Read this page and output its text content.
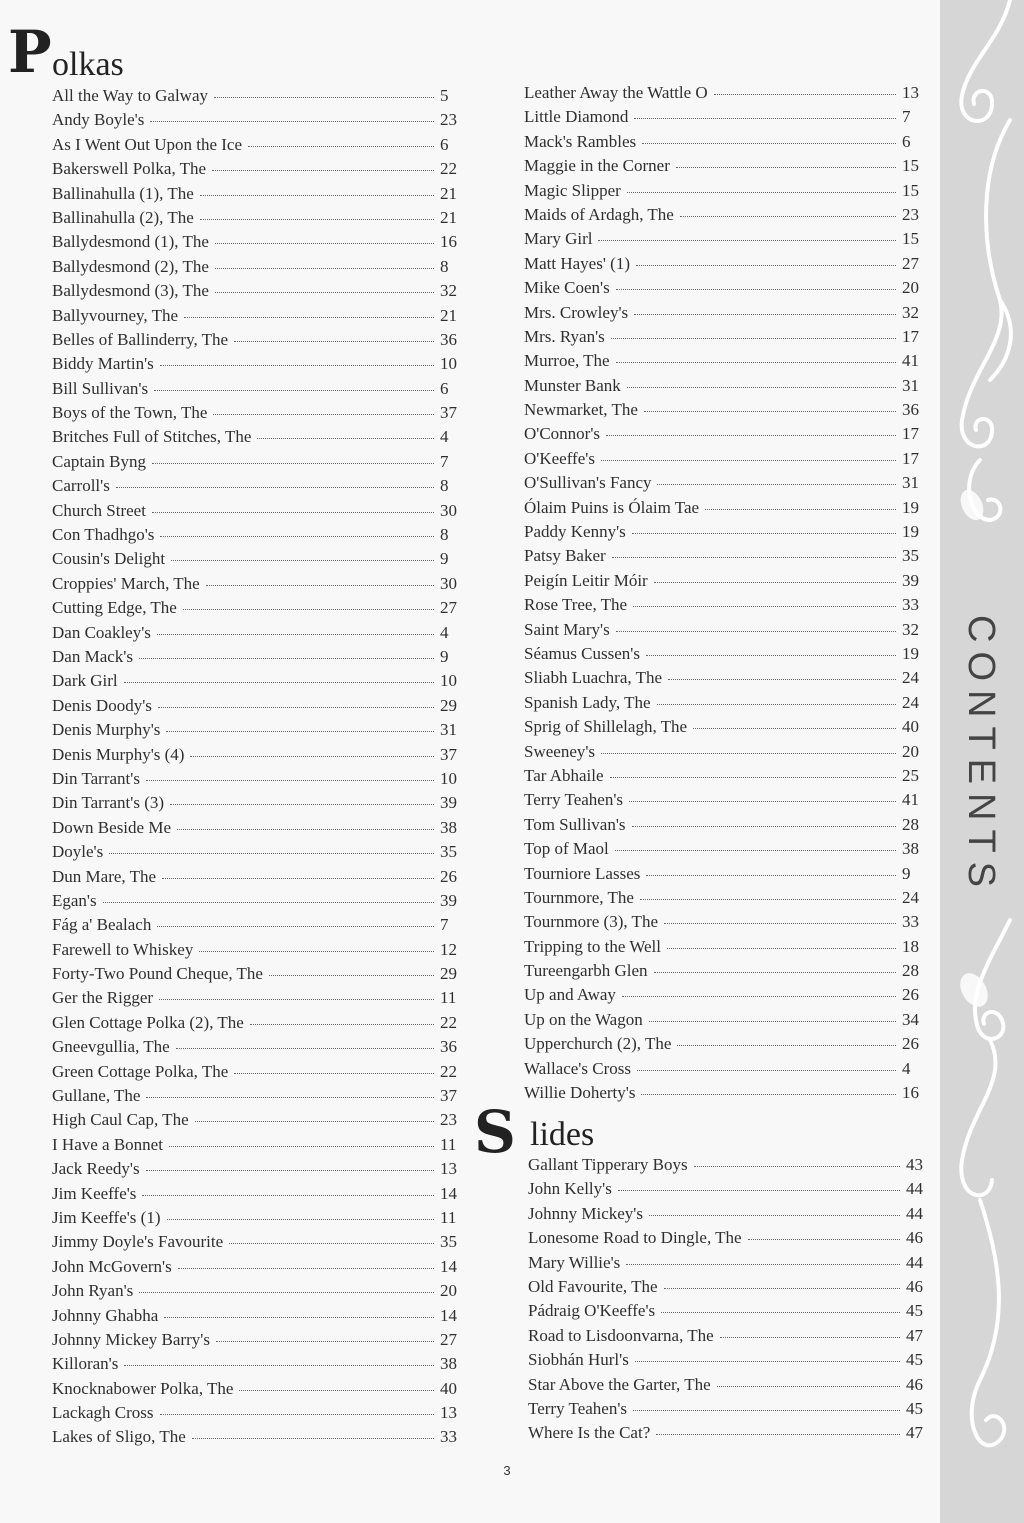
CONTENTS
P olkas
All the Way to Galway	5
Andy Boyle's	23
As I Went Out Upon the Ice	6
Bakerswell Polka, The	22
Ballinahulla (1), The	21
Ballinahulla (2), The	21
Ballydesmond (1), The	16
Ballydesmond (2), The	8
Ballydesmond (3), The	32
Ballyvourney, The	21
Belles of Ballinderry, The	36
Biddy Martin's	10
Bill Sullivan's	6
Boys of the Town, The	37
Britches Full of Stitches, The	4
Captain Byng	7
Carroll's	8
Church Street	30
Con Thadhgo's	8
Cousin's Delight	9
Croppies' March, The	30
Cutting Edge, The	27
Dan Coakley's	4
Dan Mack's	9
Dark Girl	10
Denis Doody's	29
Denis Murphy's	31
Denis Murphy's (4)	37
Din Tarrant's	10
Din Tarrant's (3)	39
Down Beside Me	38
Doyle's	35
Dun Mare, The	26
Egan's	39
Fág a' Bealach	7
Farewell to Whiskey	12
Forty-Two Pound Cheque, The	29
Ger the Rigger	11
Glen Cottage Polka (2), The	22
Gneevgullia, The	36
Green Cottage Polka, The	22
Gullane, The	37
High Caul Cap, The	23
I Have a Bonnet	11
Jack Reedy's	13
Jim Keeffe's	14
Jim Keeffe's (1)	11
Jimmy Doyle's Favourite	35
John McGovern's	14
John Ryan's	20
Johnny Ghabha	14
Johnny Mickey Barry's	27
Killoran's	38
Knocknabower Polka, The	40
Lackagh Cross	13
Lakes of Sligo, The	33
Leather Away the Wattle O	13
Little Diamond	7
Mack's Rambles	6
Maggie in the Corner	15
Magic Slipper	15
Maids of Ardagh, The	23
Mary Girl	15
Matt Hayes' (1)	27
Mike Coen's	20
Mrs. Crowley's	32
Mrs. Ryan's	17
Murroe, The	41
Munster Bank	31
Newmarket, The	36
O'Connor's	17
O'Keeffe's	17
O'Sullivan's Fancy	31
Ólaim Puins is Ólaim Tae	19
Paddy Kenny's	19
Patsy Baker	35
Peigín Leitir Móir	39
Rose Tree, The	33
Saint Mary's	32
Séamus Cussen's	19
Sliabh Luachra, The	24
Spanish Lady, The	24
Sprig of Shillelagh, The	40
Sweeney's	20
Tar Abhaile	25
Terry Teahen's	41
Tom Sullivan's	28
Top of Maol	38
Tourniore Lasses	9
Tournmore, The	24
Tournmore (3), The	33
Tripping to the Well	18
Tureengarbh Glen	28
Up and Away	26
Up on the Wagon	34
Upperchurch (2), The	26
Wallace's Cross	4
Willie Doherty's	16
S lides
Gallant Tipperary Boys	43
John Kelly's	44
Johnny Mickey's	44
Lonesome Road to Dingle, The	46
Mary Willie's	44
Old Favourite, The	46
Pádraig O'Keeffe's	45
Road to Lisdoonvarna, The	47
Siobhán Hurl's	45
Star Above the Garter, The	46
Terry Teahen's	45
Where Is the Cat?	47
3
